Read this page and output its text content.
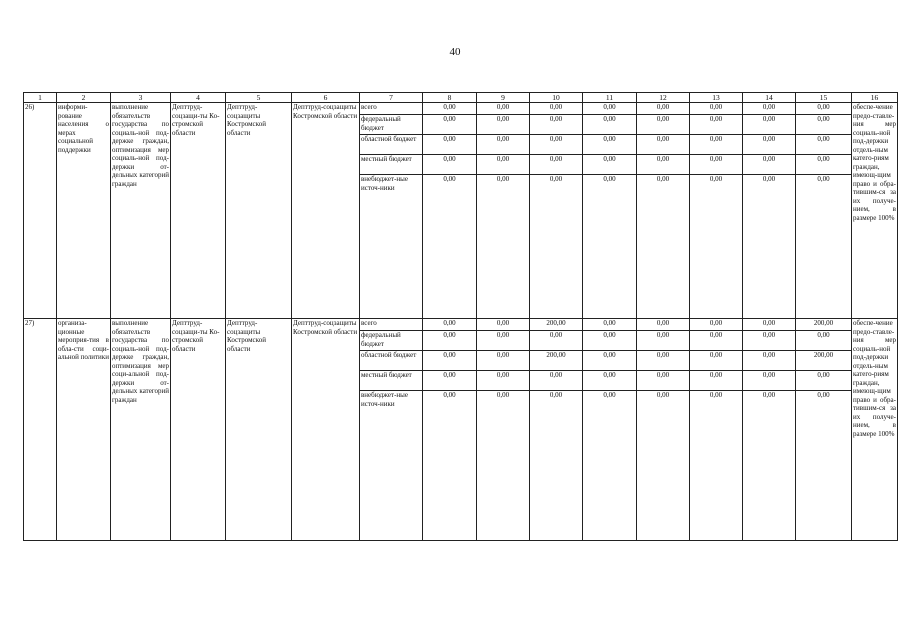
40
1	2	3	4	5	6	7	8	9	10	11	12	13	14	15	16
26)	информи-рование населения о мерах социальной поддержки	выполнение обязательств государства по социаль-ной под-держке граждан, оптимизация мер социаль-ной под-держки от-дельных категорий граждан	Депттруд-соцзащи-ты Ко-стромской области	Депттруд-соцзащиты Костромской области	Депттруд-соцзащиты Костромской области	всего	0,00	0,00	0,00	0,00	0,00	0,00	0,00	0,00	обеспе-чение предо-ставле-ния мер социаль-ной под-держки отдель-ным катего-риям граждан, имеющ-щим право и обра-тившим-ся за их получе-нием, в размере 100%
						федеральный бюджет	0,00	0,00	0,00	0,00	0,00	0,00	0,00	0,00	
						областной бюджет	0,00	0,00	0,00	0,00	0,00	0,00	0,00	0,00	
						местный бюджет	0,00	0,00	0,00	0,00	0,00	0,00	0,00	0,00	
						внебюджет-ные источ-ники	0,00	0,00	0,00	0,00	0,00	0,00	0,00	0,00	
27)	организа-ционные мероприя-тия в обла-сти соци-альной политики	выполнение обязательств государства по социаль-ной под-держке граждан, оптимизация мер соци-альной под-держки от-дельных категорий граждан	Депттруд-соцзащи-ты Ко-стромской области	Депттруд-соцзащиты Костромской области	Депттруд-соцзащиты Костромской области	всего	0,00	0,00	200,00	0,00	0,00	0,00	0,00	200,00	обеспе-чение предо-ставле-ния мер социаль-ной под-держки отдель-ным катего-риям граждан, имеющ-щим право и обра-тившим-ся за их получе-нием, в размере 100%
						федеральный бюджет	0,00	0,00	0,00	0,00	0,00	0,00	0,00	0,00	
						областной бюджет	0,00	0,00	200,00	0,00	0,00	0,00	0,00	200,00	
						местный бюджет	0,00	0,00	0,00	0,00	0,00	0,00	0,00	0,00	
						внебюджет-ные источ-ники	0,00	0,00	0,00	0,00	0,00	0,00	0,00	0,00	
